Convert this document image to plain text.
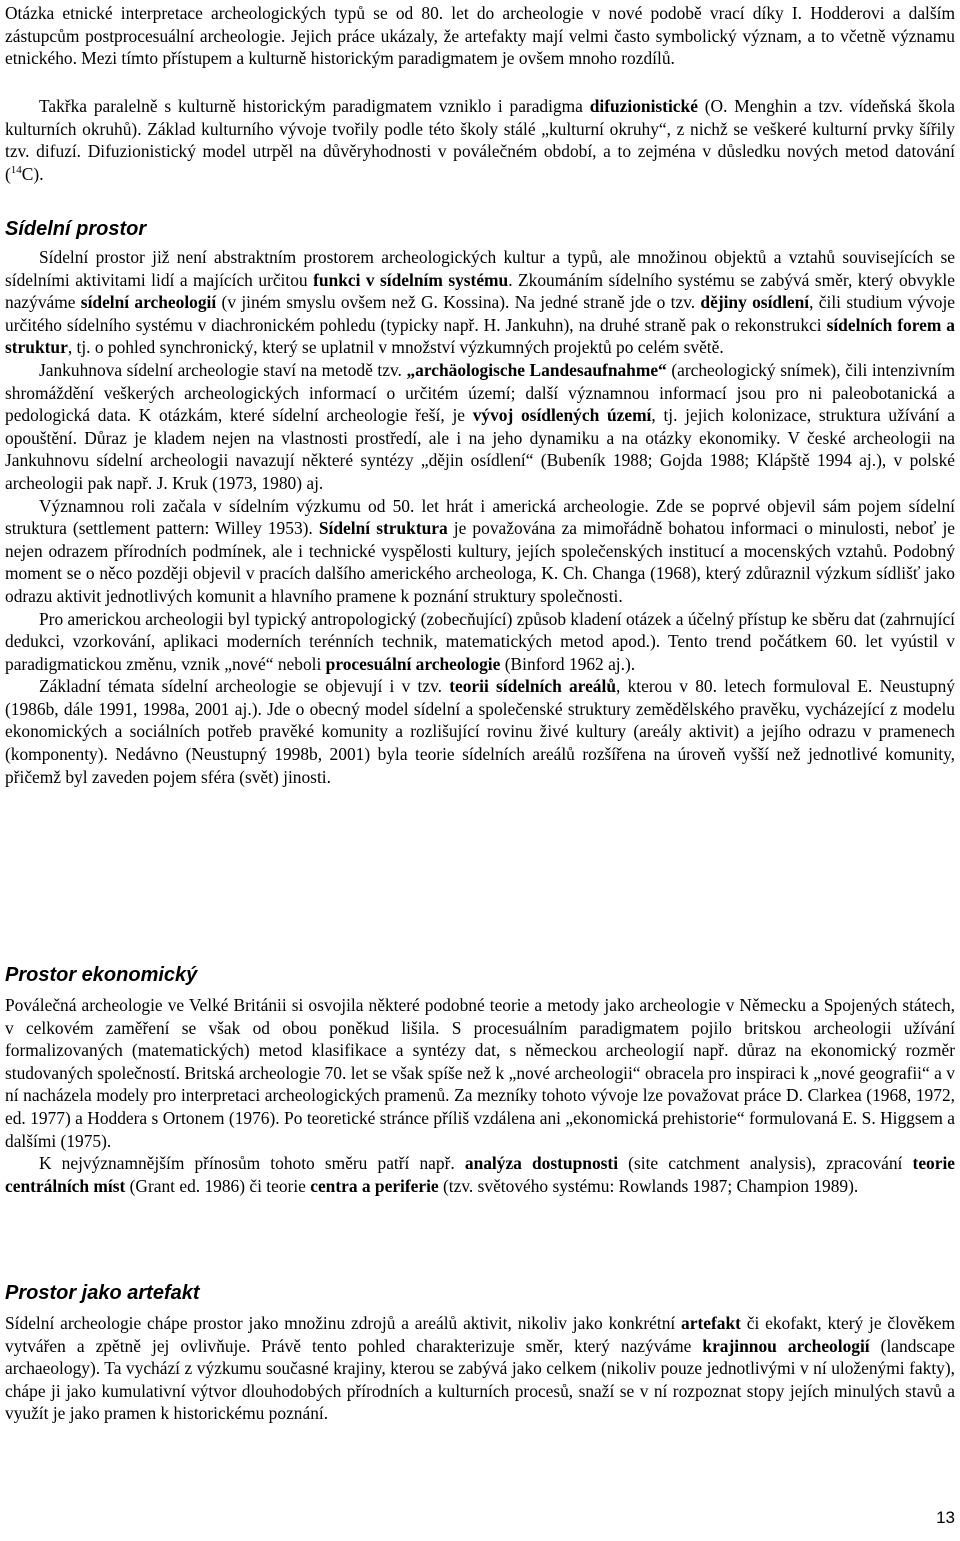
Otázka etnické interpretace archeologických typů se od 80. let do archeologie v nové podobě vrací díky I. Hodderovi a dalším zástupcům postprocesuální archeologie. Jejich práce ukázaly, že artefakty mají velmi často symbolický význam, a to včetně významu etnického. Mezi tímto přístupem a kulturně historickým paradigmatem je ovšem mnoho rozdílů.

Takřka paralelně s kulturně historickým paradigmatem vzniklo i paradigma difuzionistické (O. Menghin a tzv. vídeňská škola kulturních okruhů). Základ kulturního vývoje tvořily podle této školy stálé „kulturní okruhy“, z nichž se veškeré kulturní prvky šířily tzv. difuzí. Difuzionistický model utrpěl na důvěryhodnosti v poválečném období, a to zejména v důsledku nových metod datování ($^{14}$C).

Sídelní prostor

Sídelní prostor již není abstraktním prostorem archeologických kultur a typů, ale množinou objektů a vztahů souvisejících se sídelními aktivitami lidí a majících určitou funkci v sídelním systému. Zkoumáním sídelního systému se zabývá směr, který obvykle nazýváme sídelní archeologií (v jiném smyslu ovšem než G. Kossina). Na jedné straně jde o tzv. dějiny osídlení, čili studium vývoje určitého sídelního systému v diachronickém pohledu (typicky např. H. Jankuhn), na druhé straně pak o rekonstrukci sídelních forem a struktur, tj. o pohled synchronický, který se uplatnil v množství výzkumných projektů po celém světě.

Jankuhnova sídelní archeologie staví na metodě tzv. „archäologische Landesaufnahme“ (archeologický snímek), čili intenzivním shromáždění veškerých archeologických informací o určitém území; další významnou informací jsou pro ni paleobotanická a pedologická data. K otázkám, které sídelní archeologie řeší, je vývoj osídlených území, tj. jejich kolonizace, struktura užívání a opouštění. Důraz je kladem nejen na vlastnosti prostředí, ale i na jeho dynamiku a na otázky ekonomiky. V české archeologii na Jankuhnovu sídelní archeologii navazují některé syntézy „dějin osídlení“ (Bubeník 1988; Gojda 1988; Klápště 1994 aj.), v polské archeologii pak např. J. Kruk (1973, 1980) aj.

Významnou roli začala v sídelním výzkumu od 50. let hrát i americká archeologie. Zde se poprvé objevil sám pojem sídelní struktura (settlement pattern: Willey 1953). Sídelní struktura je považována za mimořádně bohatou informaci o minulosti, neboť je nejen odrazem přírodních podmínek, ale i technické vyspělosti kultury, jejích společenských institucí a mocenských vztahů. Podobný moment se o něco později objevil v pracích dalšího amerického archeologa, K. Ch. Changa (1968), který zdůraznil výzkum sídlišť jako odrazu aktivit jednotlivých komunit a hlavního pramene k poznání struktury společnosti.

Pro americkou archeologii byl typický antropologický (zobecňující) způsob kladení otázek a účelný přístup ke sběru dat (zahrnující dedukci, vzorkování, aplikaci moderních terénních technik, matematických metod apod.). Tento trend počátkem 60. let vyústil v paradigmatickou změnu, vznik „nové“ neboli procesuální archeologie (Binford 1962 aj.).

Základní témata sídelní archeologie se objevují i v tzv. teorii sídelních areálů, kterou v 80. letech formuloval E. Neustupný (1986b, dále 1991, 1998a, 2001 aj.). Jde o obecný model sídelní a společenské struktury zemědělského pravěku, vycházející z modelu ekonomických a sociálních potřeb pravěké komunity a rozlišující rovinu živé kultury (areály aktivit) a jejího odrazu v pramenech (komponenty). Nedávno (Neustupný 1998b, 2001) byla teorie sídelních areálů rozšířena na úroveň vyšší než jednotlivé komunity, přičemž byl zaveden pojem sféra (svět) jinosti.

Prostor ekonomický

Poválečná archeologie ve Velké Británii si osvojila některé podobné teorie a metody jako archeologie v Německu a Spojených státech, v celkovém zaměření se však od obou poněkud lišila. S procesuálním paradigmatem pojilo britskou archeologii užívání formalizovaných (matematických) metod klasifikace a syntézy dat, s německou archeologií např. důraz na ekonomický rozměr studovaných společností. Britská archeologie 70. let se však spíše než k „nové archeologii“ obracela pro inspiraci k „nové geografii“ a v ní nacházela modely pro interpretaci archeologických pramenů. Za mezníky tohoto vývoje lze považovat práce D. Clarkea (1968, 1972, ed. 1977) a Hoddera s Ortonem (1976). Po teoretické stránce příliš vzdálena ani „ekonomická prehistorie“ formulovaná E. S. Higgsem a dalšími (1975).

K nejvýznamnějším přínosům tohoto směru patří např. analýza dostupnosti (site catchment analysis), zpracování teorie centrálních míst (Grant ed. 1986) či teorie centra a periferie (tzv. světového systému: Rowlands 1987; Champion 1989).

Prostor jako artefakt

Sídelní archeologie chápe prostor jako množinu zdrojů a areálů aktivit, nikoliv jako konkrétní artefakt či ekofakt, který je člověkem vytvářen a zpětně jej ovlivňuje. Právě tento pohled charakterizuje směr, který nazýváme krajinnou archeologií (landscape archaeology). Ta vychází z výzkumu současné krajiny, kterou se zabývá jako celkem (nikoliv pouze jednotlivými v ní uloženými fakty), chápe ji jako kumulativní výtvor dlouhodobých přírodních a kulturních procesů, snaží se v ní rozpoznat stopy jejích minulých stavů a využít je jako pramen k historickému poznání.

13
